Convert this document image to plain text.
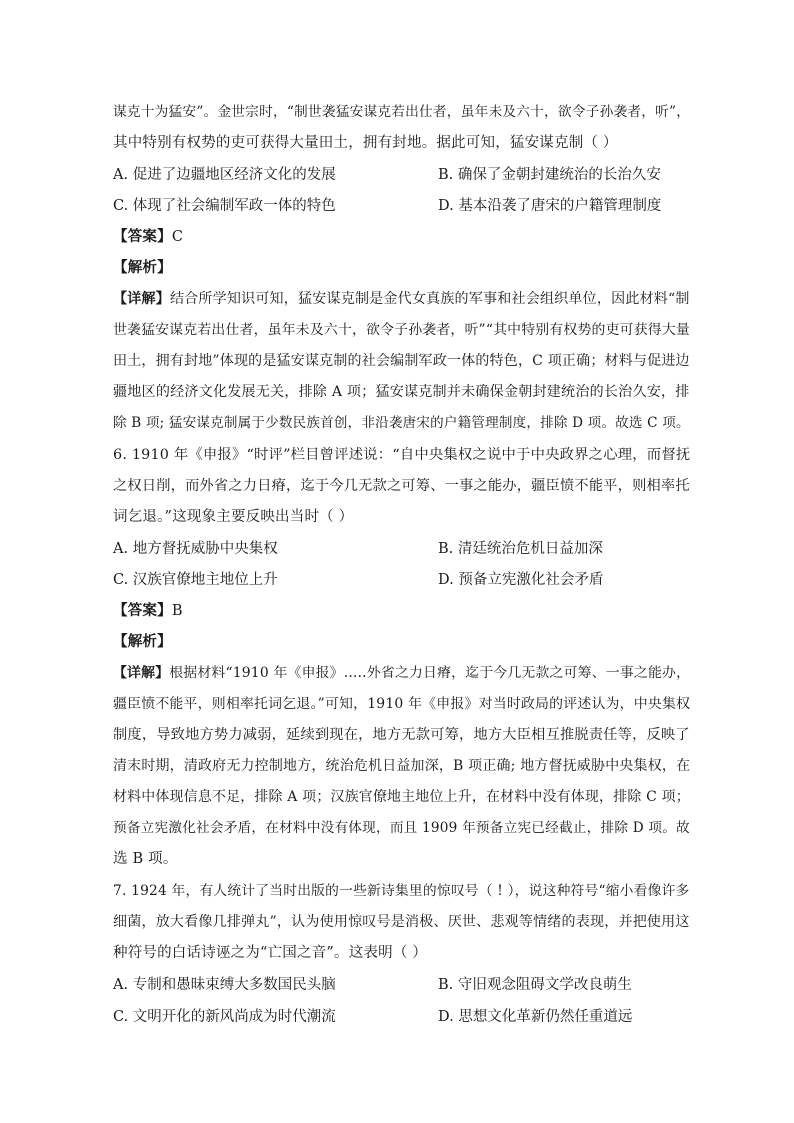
谋克十为猛安”。金世宗时，“制世袭猛安谋克若出仕者，虽年未及六十，欲令子孙袭者，听”，
其中特别有权势的吏可获得大量田土，拥有封地。据此可知，猛安谋克制（ ）
A. 促进了边疆地区经济文化的发展	B. 确保了金朝封建统治的长治久安
C. 体现了社会编制军政一体的特色	D. 基本沿袭了唐宋的户籍管理制度
【答案】C
【解析】
【详解】结合所学知识可知，猛安谋克制是金代女真族的军事和社会组织单位，因此材料“制
世袭猛安谋克若出仕者，虽年未及六十，欲令子孙袭者，听”“其中特别有权势的吏可获得大量
田土，拥有封地”体现的是猛安谋克制的社会编制军政一体的特色，C 项正确；材料与促进边
疆地区的经济文化发展无关，排除 A 项；猛安谋克制并未确保金朝封建统治的长治久安，排
除 B 项; 猛安谋克制属于少数民族首创，非沿袭唐宋的户籍管理制度，排除 D 项。故选 C 项。
6. 1910 年《申报》“时评”栏目曾评述说：“自中央集权之说中于中央政界之心理，而督抚
之权日削，而外省之力日瘠，迄于今几无款之可筹、一事之能办，疆臣愤不能平，则相率托
词乞退。”这现象主要反映出当时（ ）
A. 地方督抚威胁中央集权	B. 清廷统治危机日益加深
C. 汉族官僚地主地位上升	D. 预备立宪激化社会矛盾
【答案】B
【解析】
【详解】根据材料“1910 年《申报》.....外省之力日瘠，迄于今几无款之可筹、一事之能办，
疆臣愤不能平，则相率托词乞退。”可知，1910 年《申报》对当时政局的评述认为，中央集权
制度，导致地方势力减弱，延续到现在，地方无款可筹，地方大臣相互推脱责任等，反映了
清末时期，清政府无力控制地方，统治危机日益加深，B 项正确; 地方督抚威胁中央集权，在
材料中体现信息不足，排除 A 项；汉族官僚地主地位上升，在材料中没有体现，排除 C 项；
预备立宪激化社会矛盾，在材料中没有体现，而且 1909 年预备立宪已经截止，排除 D 项。故
选 B 项。
7. 1924 年，有人统计了当时出版的一些新诗集里的惊叹号（ ! ），说这种符号“缩小看像许多
细菌，放大看像几排弹丸”，认为使用惊叹号是消极、厌世、悲观等情绪的表现，并把使用这
种符号的白话诗诬之为“亡国之音”。这表明（ ）
A. 专制和愚昧束缚大多数国民头脑	B. 守旧观念阻碍文学改良萌生
C. 文明开化的新风尚成为时代潮流	D. 思想文化革新仍然任重道远
